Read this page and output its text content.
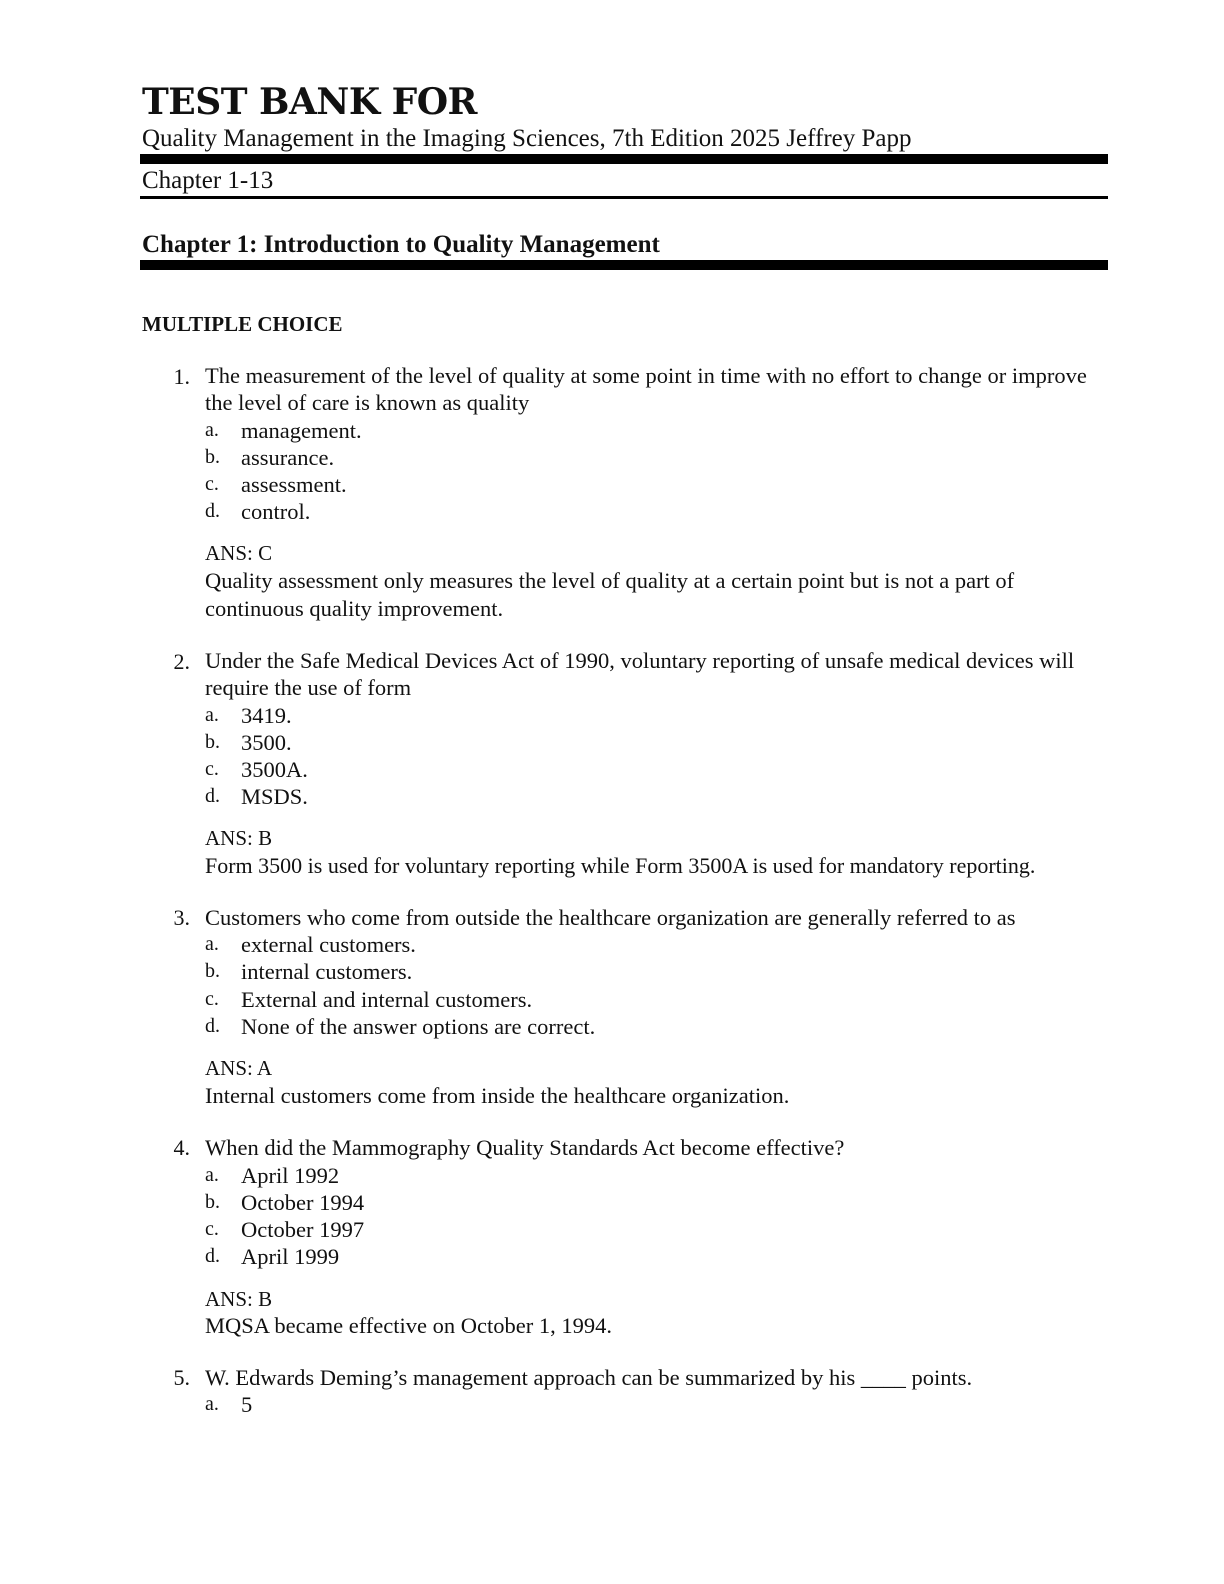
TEST BANK FOR
Quality Management in the Imaging Sciences, 7th Edition 2025 Jeffrey Papp
Chapter 1-13
Chapter 1: Introduction to Quality Management
MULTIPLE CHOICE
1. The measurement of the level of quality at some point in time with no effort to change or improve the level of care is known as quality
a. management.
b. assurance.
c. assessment.
d. control.
ANS: C
Quality assessment only measures the level of quality at a certain point but is not a part of continuous quality improvement.
2. Under the Safe Medical Devices Act of 1990, voluntary reporting of unsafe medical devices will require the use of form
a. 3419.
b. 3500.
c. 3500A.
d. MSDS.
ANS: B
Form 3500 is used for voluntary reporting while Form 3500A is used for mandatory reporting.
3. Customers who come from outside the healthcare organization are generally referred to as
a. external customers.
b. internal customers.
c. External and internal customers.
d. None of the answer options are correct.
ANS: A
Internal customers come from inside the healthcare organization.
4. When did the Mammography Quality Standards Act become effective?
a. April 1992
b. October 1994
c. October 1997
d. April 1999
ANS: B
MQSA became effective on October 1, 1994.
5. W. Edwards Deming’s management approach can be summarized by his ____ points.
a. 5
